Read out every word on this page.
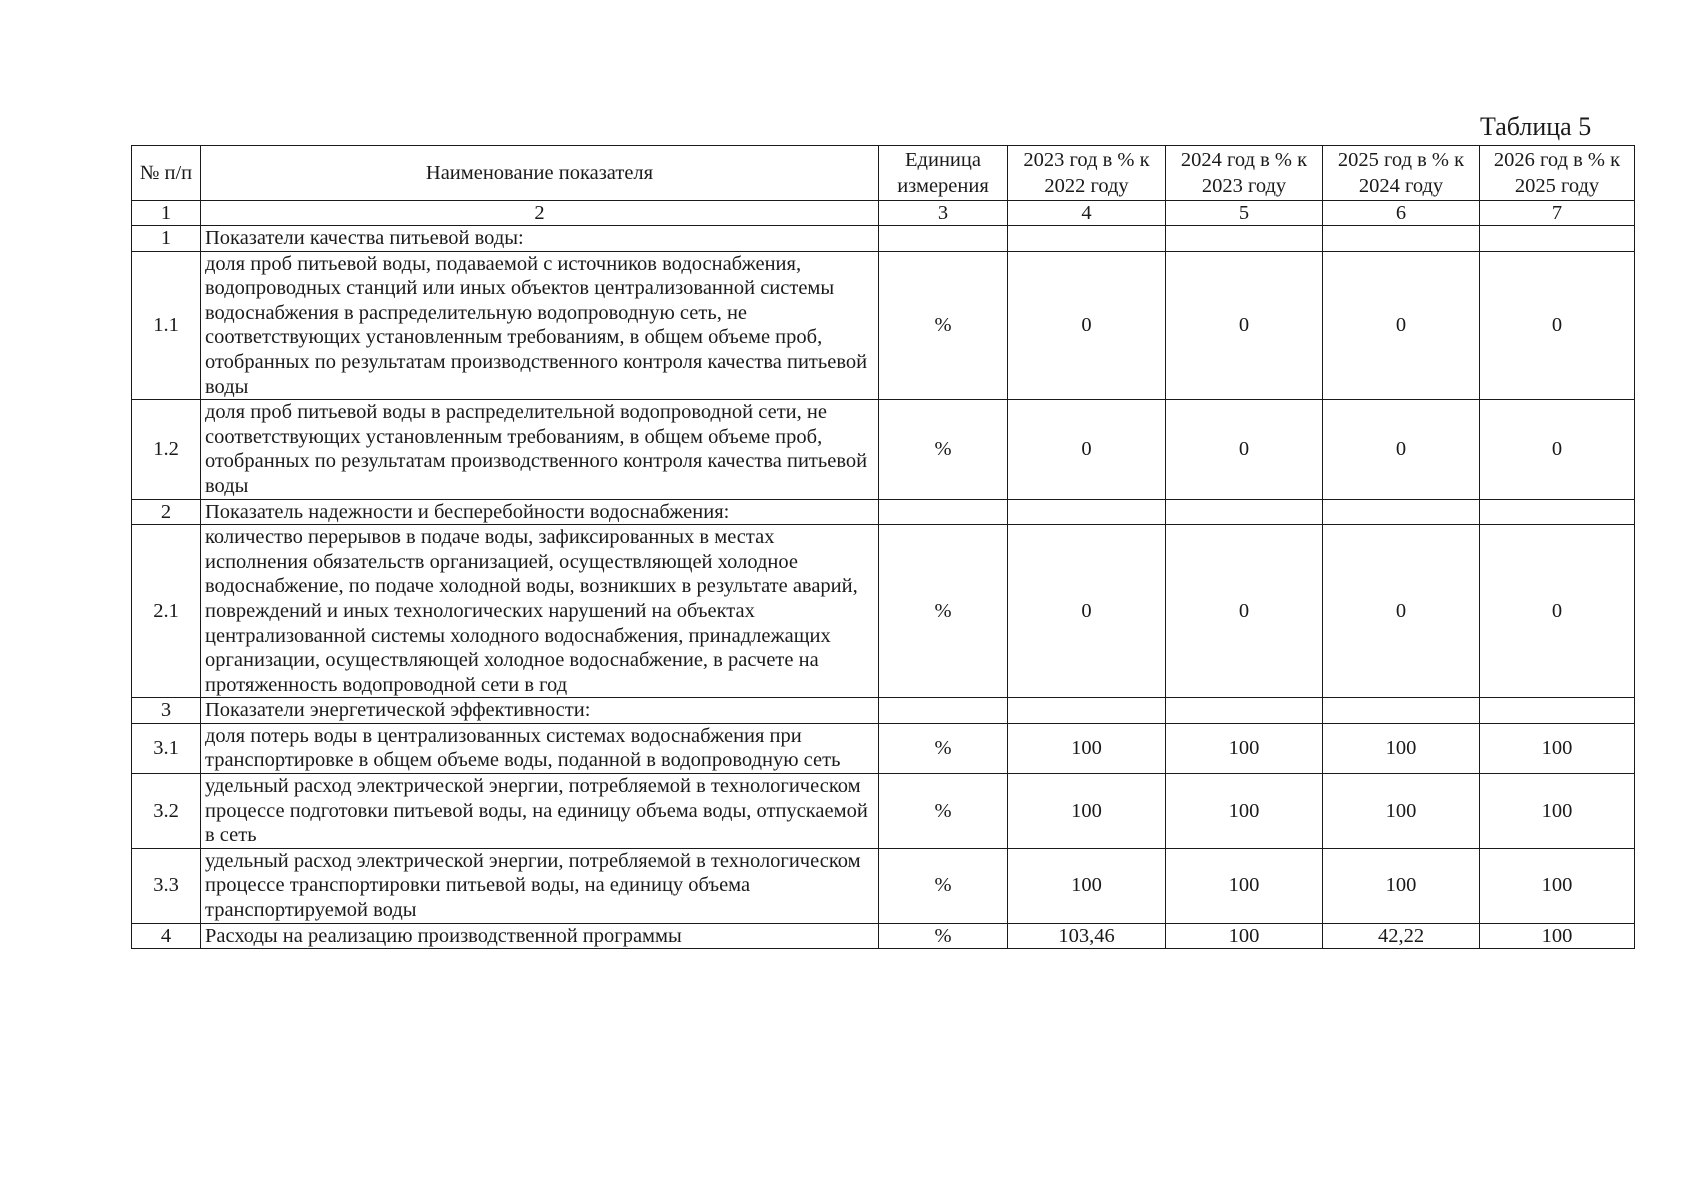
Таблица 5
№ п/п	Наименование показателя	Единица измерения	2023 год в % к 2022 году	2024 год в % к 2023 году	2025 год в % к 2024 году	2026 год в % к 2025 году
1	2	3	4	5	6	7
1	Показатели качества питьевой воды:					
1.1	доля проб питьевой воды, подаваемой с источников водоснабжения, водопроводных станций или иных объектов централизованной системы водоснабжения в распределительную водопроводную сеть, не соответствующих установленным требованиям, в общем объеме проб, отобранных по результатам производственного контроля качества питьевой воды	%	0	0	0	0
1.2	доля проб питьевой воды в распределительной водопроводной сети, не соответствующих установленным требованиям, в общем объеме проб, отобранных по результатам производственного контроля качества питьевой воды	%	0	0	0	0
2	Показатель надежности и бесперебойности водоснабжения:					
2.1	количество перерывов в подаче воды, зафиксированных в местах исполнения обязательств организацией, осуществляющей холодное водоснабжение, по подаче холодной воды, возникших в результате аварий, повреждений и иных технологических нарушений на объектах централизованной системы холодного водоснабжения, принадлежащих организации, осуществляющей холодное водоснабжение, в расчете на протяженность водопроводной сети в год	%	0	0	0	0
3	Показатели энергетической эффективности:					
3.1	доля потерь воды в централизованных системах водоснабжения при транспортировке в общем объеме воды, поданной в водопроводную сеть	%	100	100	100	100
3.2	удельный расход электрической энергии, потребляемой в технологическом процессе подготовки питьевой воды, на единицу объема воды, отпускаемой в сеть	%	100	100	100	100
3.3	удельный расход электрической энергии, потребляемой в технологическом процессе транспортировки питьевой воды, на единицу объема транспортируемой воды	%	100	100	100	100
4	Расходы на реализацию производственной программы	%	103,46	100	42,22	100
